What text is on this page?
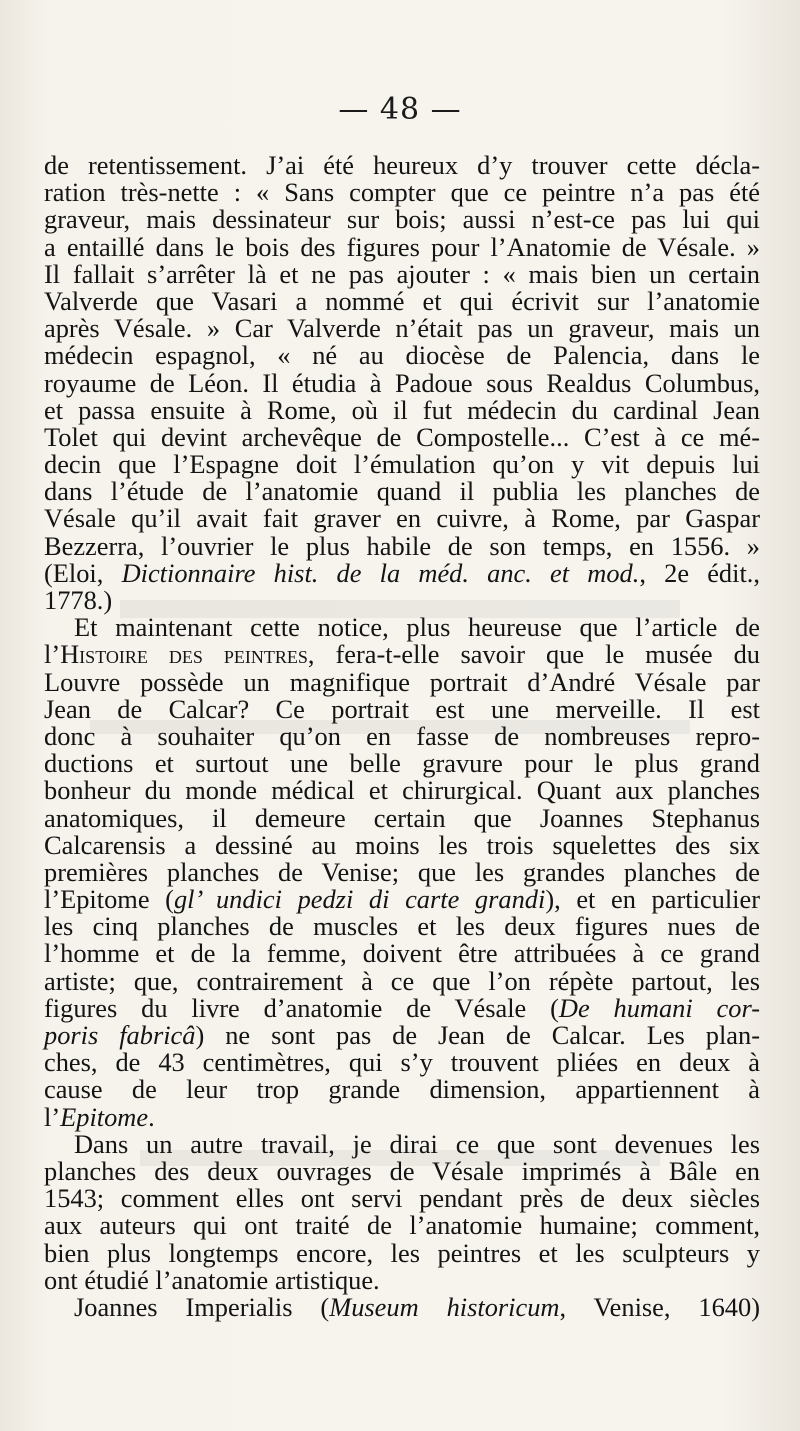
— 48 —
de retentissement. J’ai été heureux d’y trouver cette décla-
ration très-nette : « Sans compter que ce peintre n’a pas été
graveur, mais dessinateur sur bois; aussi n’est-ce pas lui qui
a entaillé dans le bois des figures pour l’Anatomie de Vésale. »
Il fallait s’arrêter là et ne pas ajouter : « mais bien un certain
Valverde que Vasari a nommé et qui écrivit sur l’anatomie
après Vésale. » Car Valverde n’était pas un graveur, mais un
médecin espagnol, « né au diocèse de Palencia, dans le
royaume de Léon. Il étudia à Padoue sous Realdus Columbus,
et passa ensuite à Rome, où il fut médecin du cardinal Jean
Tolet qui devint archevêque de Compostelle... C’est à ce mé-
decin que l’Espagne doit l’émulation qu’on y vit depuis lui
dans l’étude de l’anatomie quand il publia les planches de
Vésale qu’il avait fait graver en cuivre, à Rome, par Gaspar
Bezzerra, l’ouvrier le plus habile de son temps, en 1556. »
(Eloi, Dictionnaire hist. de la méd. anc. et mod., 2e édit.,
1778.)
Et maintenant cette notice, plus heureuse que l’article de
l’Histoire des peintres, fera-t-elle savoir que le musée du
Louvre possède un magnifique portrait d’André Vésale par
Jean de Calcar? Ce portrait est une merveille. Il est
donc à souhaiter qu’on en fasse de nombreuses repro-
ductions et surtout une belle gravure pour le plus grand
bonheur du monde médical et chirurgical. Quant aux planches
anatomiques, il demeure certain que Joannes Stephanus
Calcarensis a dessiné au moins les trois squelettes des six
premières planches de Venise; que les grandes planches de
l’Epitome (gl’ undici pedzi di carte grandi), et en particulier
les cinq planches de muscles et les deux figures nues de
l’homme et de la femme, doivent être attribuées à ce grand
artiste; que, contrairement à ce que l’on répète partout, les
figures du livre d’anatomie de Vésale (De humani cor-
poris fabricâ) ne sont pas de Jean de Calcar. Les plan-
ches, de 43 centimètres, qui s’y trouvent pliées en deux à
cause de leur trop grande dimension, appartiennent à
l’Epitome.
Dans un autre travail, je dirai ce que sont devenues les
planches des deux ouvrages de Vésale imprimés à Bâle en
1543; comment elles ont servi pendant près de deux siècles
aux auteurs qui ont traité de l’anatomie humaine; comment,
bien plus longtemps encore, les peintres et les sculpteurs y
ont étudié l’anatomie artistique.
Joannes Imperialis (Museum historicum, Venise, 1640)
